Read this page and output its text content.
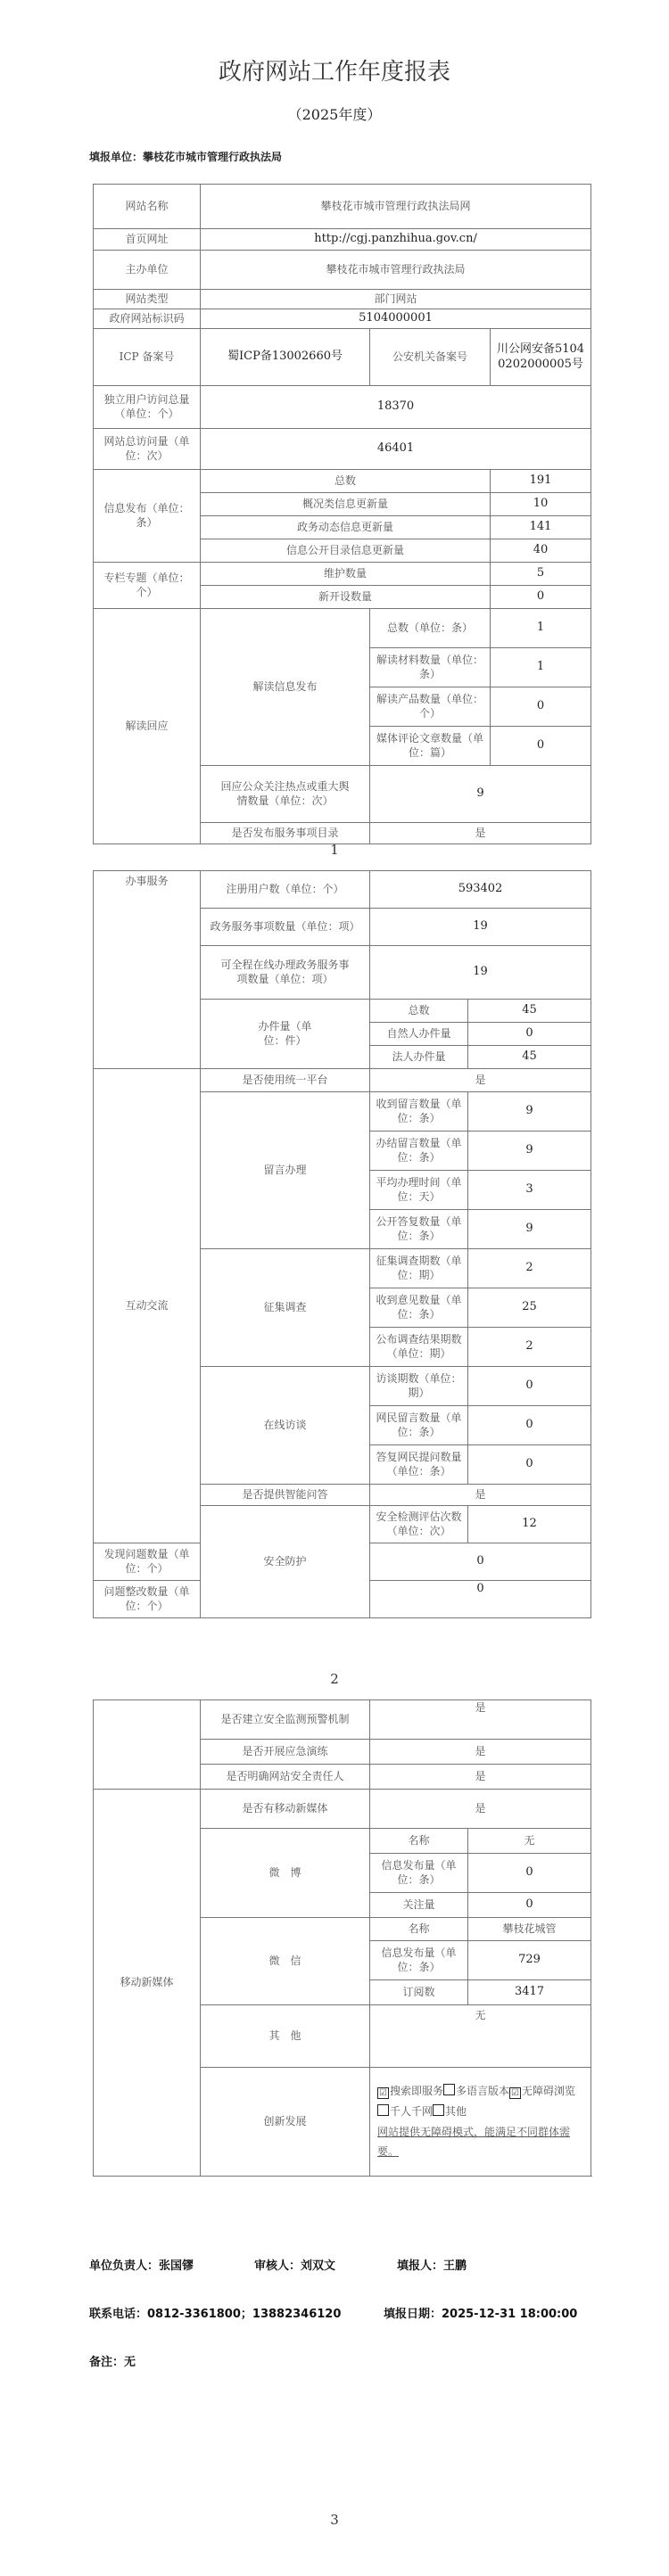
政府网站工作年度报表
（2025年度）
填报单位：攀枝花市城市管理行政执法局
网站名称	攀枝花市城市管理行政执法局网		
首页网址	http://cgj.panzhihua.gov.cn/		
主办单位	攀枝花市城市管理行政执法局		
网站类型	部门网站		
政府网站标识码	5104000001		
ICP 备案号	蜀ICP备13002660号	公安机关备案号	川公网安备51040202000005号
独立用户访问总量（单位：个）	18370		
网站总访问量（单位：次）	46401		
信息发布（单位：条）	总数		191
	概况类信息更新量		10
	政务动态信息更新量		141
	信息公开目录信息更新量		40
专栏专题（单位：个）	维护数量		5
	新开设数量		0
解读回应	解读信息发布	总数（单位：条）	1
		解读材料数量（单位：条）	1
		解读产品数量（单位：个）	0
		媒体评论文章数量（单位：篇）	0
	回应公众关注热点或重大舆情数量（单位：次）	9	
	是否发布服务事项目录	是	
1
办事服务	注册用户数（单位：个）	593402	
	政务服务事项数量（单位：项）	19	
	可全程在线办理政务服务事项数量（单位：项）	19	
	办件量（单位：件）	总数	45
		自然人办件量	0
		法人办件量	45
互动交流	是否使用统一平台	是	
	留言办理	收到留言数量（单位：条）	9
		办结留言数量（单位：条）	9
		平均办理时间（单位：天）	3
		公开答复数量（单位：条）	9
	征集调查	征集调查期数（单位：期）	2
		收到意见数量（单位：条）	25
		公布调查结果期数（单位：期）	2
	在线访谈	访谈期数（单位：期）	0
		网民留言数量（单位：条）	0
		答复网民提问数量（单位：条）	0
	是否提供智能问答	是	
	安全防护	安全检测评估次数（单位：次）	12
发现问题数量（单位：个）		0	
问题整改数量（单位：个）		0	
2
	是否建立安全监测预警机制	是	
	是否开展应急演练	是	
	是否明确网站安全责任人	是	
移动新媒体	是否有移动新媒体	是	
	微　博	名称	无
		信息发布量（单位：条）	0
		关注量	0
	微　信	名称	攀枝花城管
		信息发布量（单位：条）	729
		订阅数	3417
	其　他	无	
	创新发展	☑ 搜索即服务 多语言版本 ☑ 无障碍浏览千人千网 其他
网站提供无障碍模式，能满足不同群体需要。	
单位负责人：张国镠	审核人：刘双文	填报人：王鹏
联系电话：0812-3361800；13882346120	填报日期：2025-12-31 18:00:00
备注：无
3
